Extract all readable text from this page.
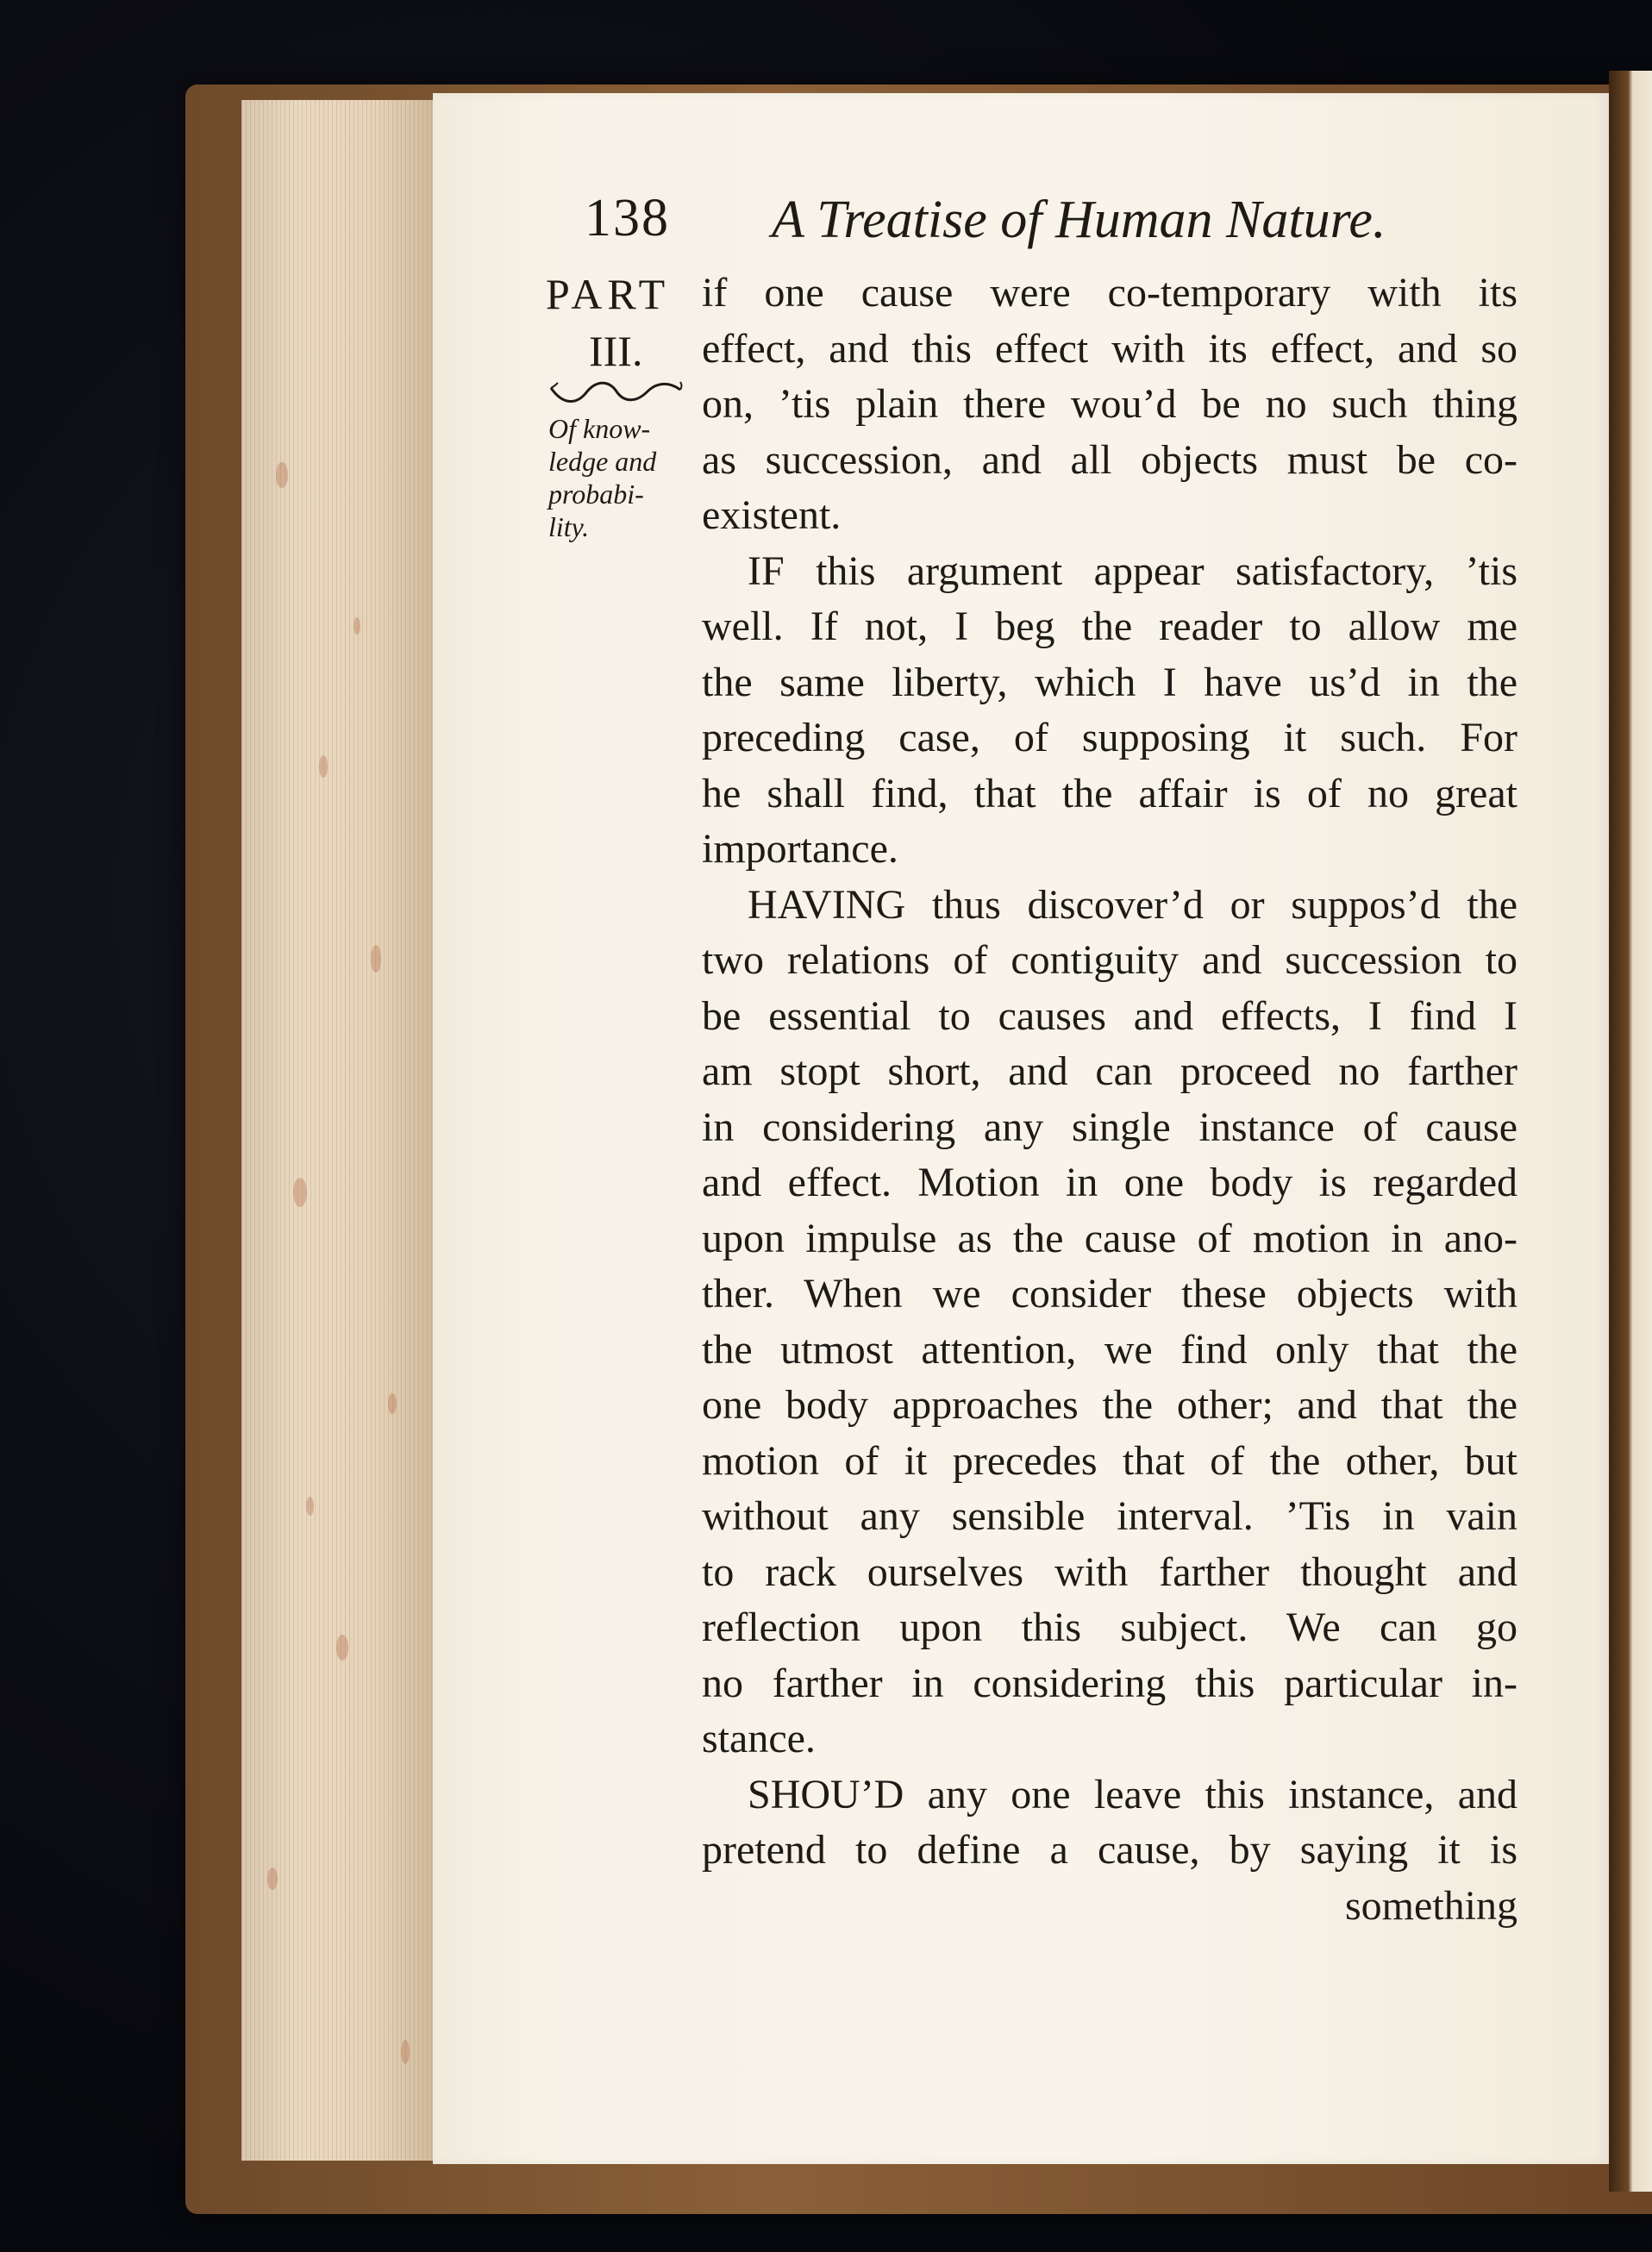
138 A Treatise of Human Nature.
PART
III.
Of know-
ledge and
probabi-
lity.
if one cause were co-temporary with its
effect, and this effect with its effect, and so
on, ’tis plain there wou’d be no such thing
as succession, and all objects must be co-
existent.
IF this argument appear satisfactory, ’tis
well. If not, I beg the reader to allow me
the same liberty, which I have us’d in the
preceding case, of supposing it such. For
he shall find, that the affair is of no great
importance.
HAVING thus discover’d or suppos’d the
two relations of contiguity and succession to
be essential to causes and effects, I find I
am stopt short, and can proceed no farther
in considering any single instance of cause
and effect. Motion in one body is regarded
upon impulse as the cause of motion in ano-
ther. When we consider these objects with
the utmost attention, we find only that the
one body approaches the other; and that the
motion of it precedes that of the other, but
without any sensible interval. ’Tis in vain
to rack ourselves with farther thought and
reflection upon this subject. We can go
no farther in considering this particular in-
stance.
SHOU’D any one leave this instance, and
pretend to define a cause, by saying it is
something
